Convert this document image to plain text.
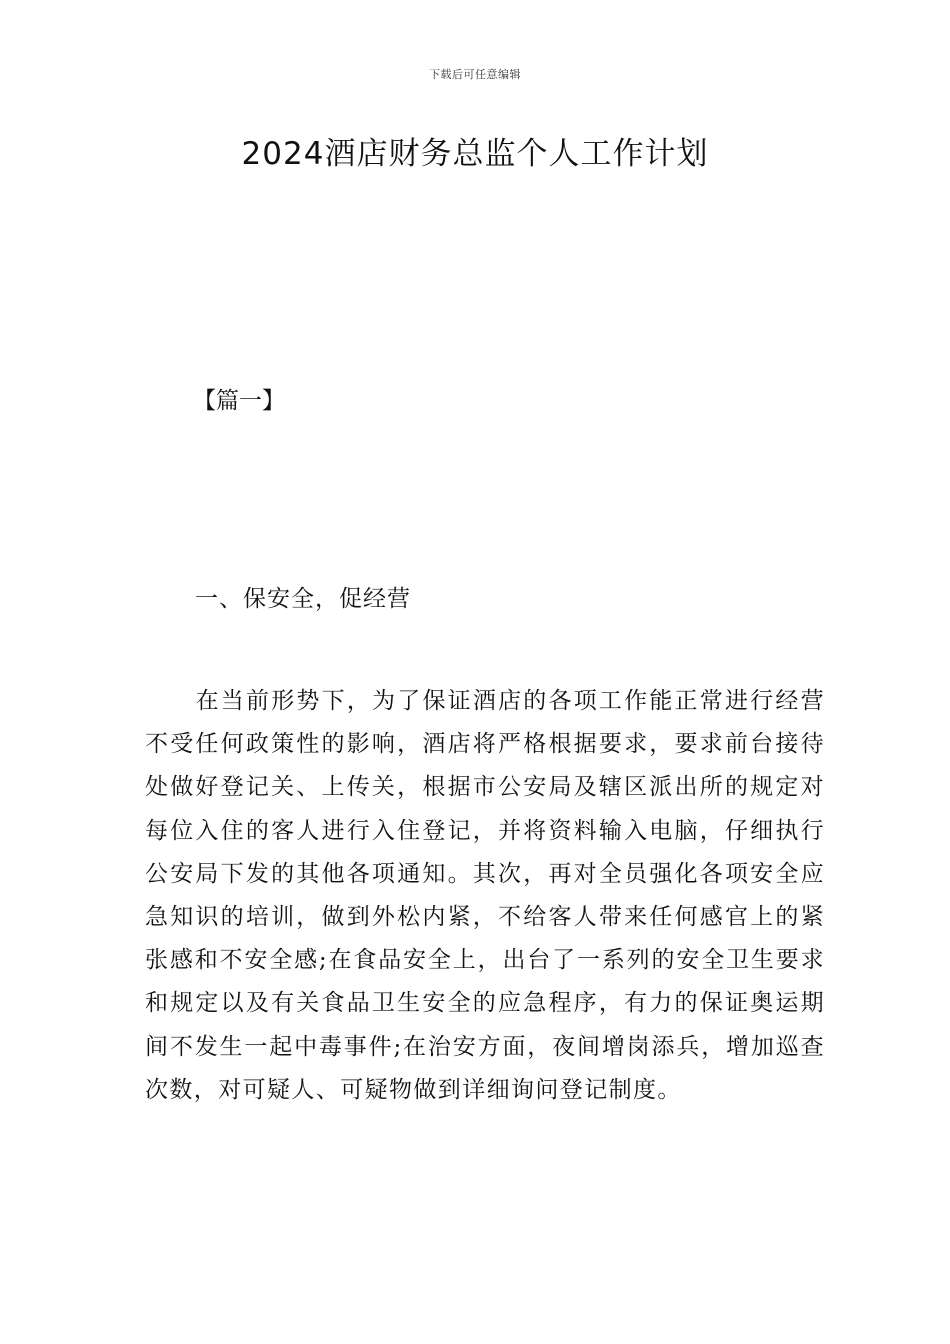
下载后可任意编辑
2024酒店财务总监个人工作计划
【篇一】
一、保安全，促经营

在当前形势下，为了保证酒店的各项工作能正常进行经营不受任何政策性的影响，酒店将严格根据要求，要求前台接待处做好登记关、上传关，根据市公安局及辖区派出所的规定对每位入住的客人进行入住登记，并将资料输入电脑，仔细执行公安局下发的其他各项通知。其次，再对全员强化各项安全应急知识的培训，做到外松内紧，不给客人带来任何感官上的紧张感和不安全感;在食品安全上，出台了一系列的安全卫生要求和规定以及有关食品卫生安全的应急程序，有力的保证奥运期间不发生一起中毒事件;在治安方面，夜间增岗添兵，增加巡查次数，对可疑人、可疑物做到详细询问登记制度。
